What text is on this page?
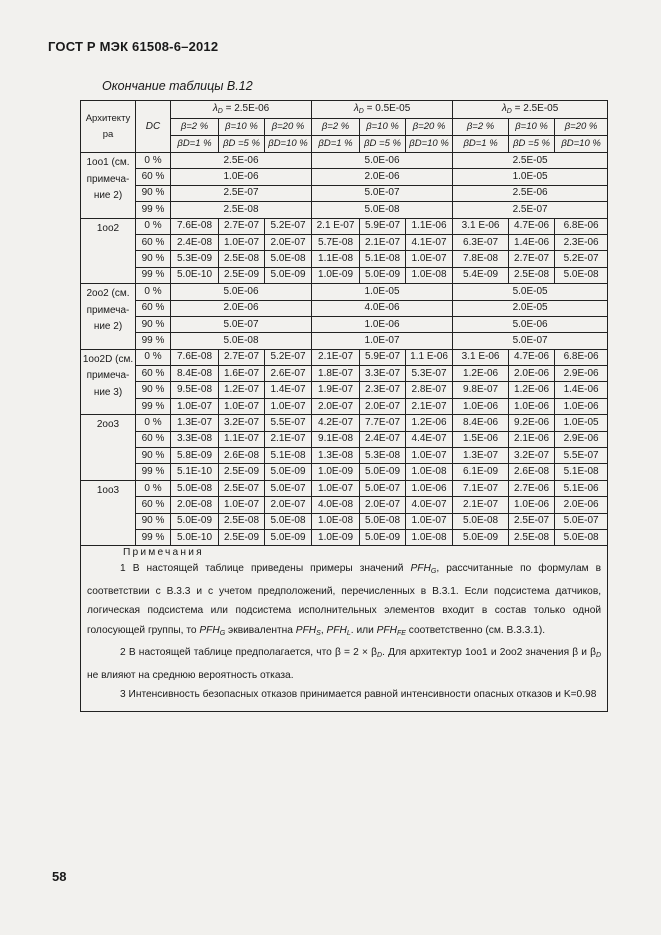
ГОСТ Р МЭК 61508-6–2012
Окончание таблицы В.12
Архитекту ра	DC	$\lambda_D = 2.5E-06$			$\lambda_D = 0.5E-05$			$\lambda_D = 2.5E-05$		
		β=2 %	β=10 %	β=20 %	β=2 %	β=10 %	β=20 %	β=2 %	β=10 %	β=20 %
		βD=1 %	βD =5 %	βD=10 %	βD=1 %	βD =5 %	βD=10 %	βD=1 %	βD =5 %	βD=10 %
1oo1 (см. примеча- ние 2)	0 %	2.5E-06			5.0E-06			2.5E-05		
	60 %	1.0E-06			2.0E-06			1.0E-05		
	90 %	2.5E-07			5.0E-07			2.5E-06		
	99 %	2.5E-08			5.0E-08			2.5E-07		
1oo2	0 %	7.6E-08	2.7E-07	5.2E-07	2.1 E-07	5.9E-07	1.1E-06	3.1 E-06	4.7E-06	6.8E-06
	60 %	2.4E-08	1.0E-07	2.0E-07	5.7E-08	2.1E-07	4.1E-07	6.3E-07	1.4E-06	2.3E-06
	90 %	5.3E-09	2.5E-08	5.0E-08	1.1E-08	5.1E-08	1.0E-07	7.8E-08	2.7E-07	5.2E-07
	99 %	5.0E-10	2.5E-09	5.0E-09	1.0E-09	5.0E-09	1.0E-08	5.4E-09	2.5E-08	5.0E-08
2oo2 (см. примеча- ние 2)	0 %	5.0E-06			1.0E-05			5.0E-05		
	60 %	2.0E-06			4.0E-06			2.0E-05		
	90 %	5.0E-07			1.0E-06			5.0E-06		
	99 %	5.0E-08			1.0E-07			5.0E-07		
1oo2D (см. примеча- ние 3)	0 %	7.6E-08	2.7E-07	5.2E-07	2.1E-07	5.9E-07	1.1 E-06	3.1 E-06	4.7E-06	6.8E-06
	60 %	8.4E-08	1.6E-07	2.6E-07	1.8E-07	3.3E-07	5.3E-07	1.2E-06	2.0E-06	2.9E-06
	90 %	9.5E-08	1.2E-07	1.4E-07	1.9E-07	2.3E-07	2.8E-07	9.8E-07	1.2E-06	1.4E-06
	99 %	1.0E-07	1.0E-07	1.0E-07	2.0E-07	2.0E-07	2.1E-07	1.0E-06	1.0E-06	1.0E-06
2oo3	0 %	1.3E-07	3.2E-07	5.5E-07	4.2E-07	7.7E-07	1.2E-06	8.4E-06	9.2E-06	1.0E-05
	60 %	3.3E-08	1.1E-07	2.1E-07	9.1E-08	2.4E-07	4.4E-07	1.5E-06	2.1E-06	2.9E-06
	90 %	5.8E-09	2.6E-08	5.1E-08	1.3E-08	5.3E-08	1.0E-07	1.3E-07	3.2E-07	5.5E-07
	99 %	5.1E-10	2.5E-09	5.0E-09	1.0E-09	5.0E-09	1.0E-08	6.1E-09	2.6E-08	5.1E-08
1oo3	0 %	5.0E-08	2.5E-07	5.0E-07	1.0E-07	5.0E-07	1.0E-06	7.1E-07	2.7E-06	5.1E-06
	60 %	2.0E-08	1.0E-07	2.0E-07	4.0E-08	2.0E-07	4.0E-07	2.1E-07	1.0E-06	2.0E-06
	90 %	5.0E-09	2.5E-08	5.0E-08	1.0E-08	5.0E-08	1.0E-07	5.0E-08	2.5E-07	5.0E-07
	99 %	5.0E-10	2.5E-09	5.0E-09	1.0E-09	5.0E-09	1.0E-08	5.0E-09	2.5E-08	5.0E-08

Примечания

1 В настоящей таблице приведены примеры значений $PFH_G$, рассчитанные по формулам в соответствии с В.3.3 и с учетом предположений, перечисленных в В.3.1. Если подсистема датчиков, логическая подсистема или подсистема исполнительных элементов входит в состав только одной голосующей группы, то $PFH_G$ эквивалентна $PFH_S$, $PFH_L$. или $PFH_{FE}$ соответственно (см. В.3.3.1).

2 В настоящей таблице предполагается, что $\beta = 2 \times \beta_D$. Для архитектур 1oo1 и 2oo2 значения β и $\beta_D$ не влияют на среднюю вероятность отказа.

3 Интенсивность безопасных отказов принимается равной интенсивности опасных отказов и K=0.98										

58
